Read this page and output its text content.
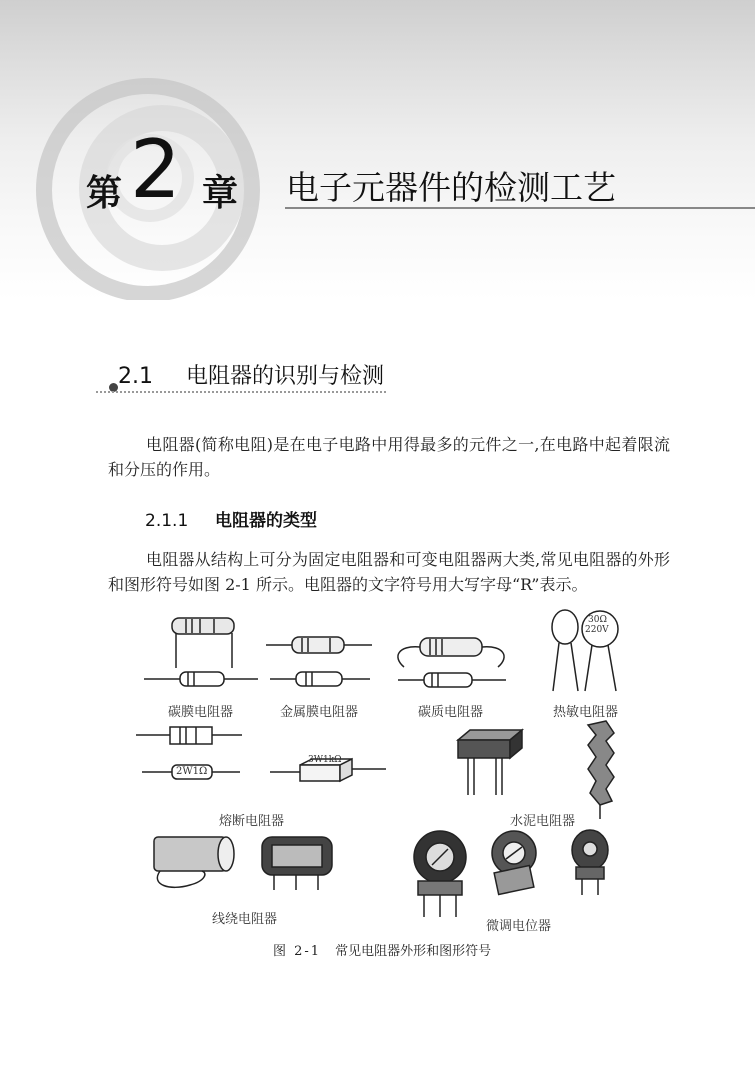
第 2 章 电子元器件的检测工艺
2.1 电阻器的识别与检测
电阻器(简称电阻)是在电子电路中用得最多的元件之一,在电路中起着限流和分压的作用。
2.1.1 电阻器的类型
电阻器从结构上可分为固定电阻器和可变电阻器两大类,常见电阻器的外形和图形符号如图 2-1 所示。电阻器的文字符号用大写字母“R”表示。
30Ω
220V
2W1Ω
3W1kΩ
碳膜电阻器	金属膜电阻器	碳质电阻器	热敏电阻器
熔断电阻器	水泥电阻器
线绕电阻器	微调电位器
图 2-1 常见电阻器外形和图形符号
